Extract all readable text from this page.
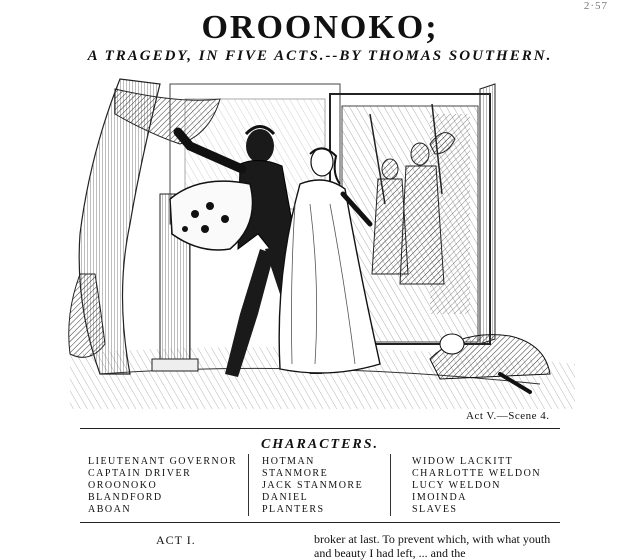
2·57
OROONOKO;
A TRAGEDY, IN FIVE ACTS.--BY THOMAS SOUTHERN.
Act V.—Scene 4.
CHARACTERS.
LIEUTENANT GOVERNOR
CAPTAIN DRIVER
OROONOKO
BLANDFORD
ABOAN
HOTMAN
STANMORE
JACK STANMORE
DANIEL
PLANTERS
WIDOW LACKITT
CHARLOTTE WELDON
LUCY WELDON
IMOINDA
SLAVES
ACT I.	broker at last. To prevent which, with what youth
and beauty I had left, ... and the
